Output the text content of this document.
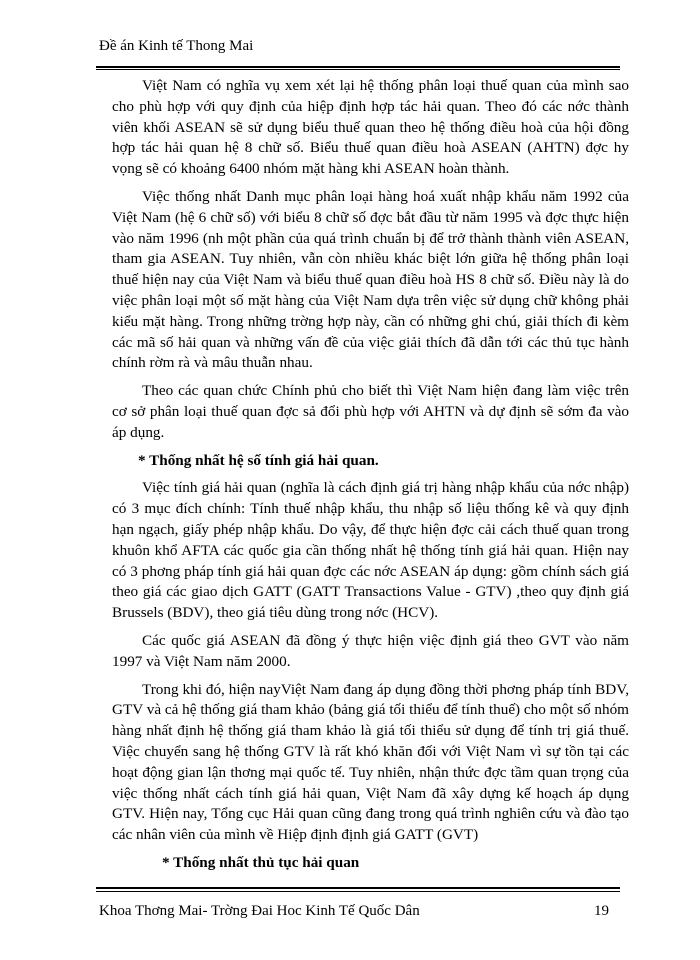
Đề án Kinh tế Thong Mai

Việt Nam có nghĩa vụ xem xét lại hệ thống phân loại thuế quan của mình sao cho phù hợp với quy định của hiệp định hợp tác hải quan. Theo đó các nớc thành viên khối ASEAN sẽ sử dụng biểu thuế quan theo hệ thống điều hoà của hội đồng hợp tác hải quan hệ 8 chữ số. Biểu thuế quan điều hoà ASEAN (AHTN) đợc hy vọng sẽ có khoảng 6400 nhóm mặt hàng khi ASEAN hoàn thành.

Việc thống nhất Danh mục phân loại hàng hoá xuất nhập khẩu năm 1992 của Việt Nam (hệ 6 chữ số) với biểu 8 chữ số đợc bắt đầu từ năm 1995 và đợc thực hiện vào năm 1996 (nh một phần của quá trình chuẩn bị để trở thành thành viên ASEAN, tham gia ASEAN. Tuy nhiên, vẫn còn nhiều khác biệt lớn giữa hệ thống phân loại thuế hiện nay của Việt Nam và biểu thuế quan điều hoà HS 8 chữ số. Điều này là do việc phân loại một số mặt hàng của Việt Nam dựa trên việc sử dụng chữ không phải kiểu mặt hàng. Trong những trờng hợp này, cần có những ghi chú, giải thích đi kèm các mã số hải quan và những vấn đề của việc giải thích đã dẫn tới các thủ tục hành chính rờm rà và mâu thuẫn nhau.

Theo các quan chức Chính phủ cho biết thì Việt Nam hiện đang làm việc trên cơ sở phân loại thuế quan đợc sả đổi phù hợp với AHTN và dự định sẽ sớm đa vào áp dụng.

* Thống nhất hệ số tính giá hải quan.

Việc tính giá hải quan (nghĩa là cách định giá trị hàng nhập khẩu của nớc nhập) có 3 mục đích chính: Tính thuế nhập khẩu, thu nhập số liệu thống kê và quy định hạn ngạch, giấy phép nhập khẩu. Do vậy, để thực hiện đợc cải cách thuế quan trong khuôn khổ AFTA các quốc gia cần thống nhất hệ thống tính giá hải quan. Hiện nay có 3 phơng pháp tính giá hải quan đợc các nớc ASEAN áp dụng: gồm chính sách giá theo giá các giao dịch GATT (GATT Transactions Value - GTV) ,theo quy định giá Brussels (BDV), theo giá tiêu dùng trong nớc (HCV).

Các quốc giá ASEAN đã đồng ý thực hiện việc định giá theo GVT vào năm 1997 và Việt Nam năm 2000.

Trong khi đó, hiện nayViệt Nam đang áp dụng đồng thời phơng pháp tính BDV, GTV và cả hệ thống giá tham khảo (bảng giá tối thiểu để tính thuế) cho một số nhóm hàng nhất định hệ thống giá tham khảo là giá tối thiểu sử dụng để tính trị giá thuế. Việc chuyển sang hệ thống GTV là rất khó khăn đối với Việt Nam vì sự tồn tại các hoạt động gian lận thơng mại quốc tế. Tuy nhiên, nhận thức đợc tầm quan trọng của việc thống nhất cách tính giá hải quan, Việt Nam đã xây dựng kế hoạch áp dụng GTV. Hiện nay, Tổng cục Hải quan cũng đang trong quá trình nghiên cứu và đào tạo các nhân viên của mình về Hiệp định định giá GATT (GVT)

* Thống nhất thủ tục hải quan
Khoa Thơng Mai- Trờng Đai Hoc Kinh Tế Quốc Dân	19
